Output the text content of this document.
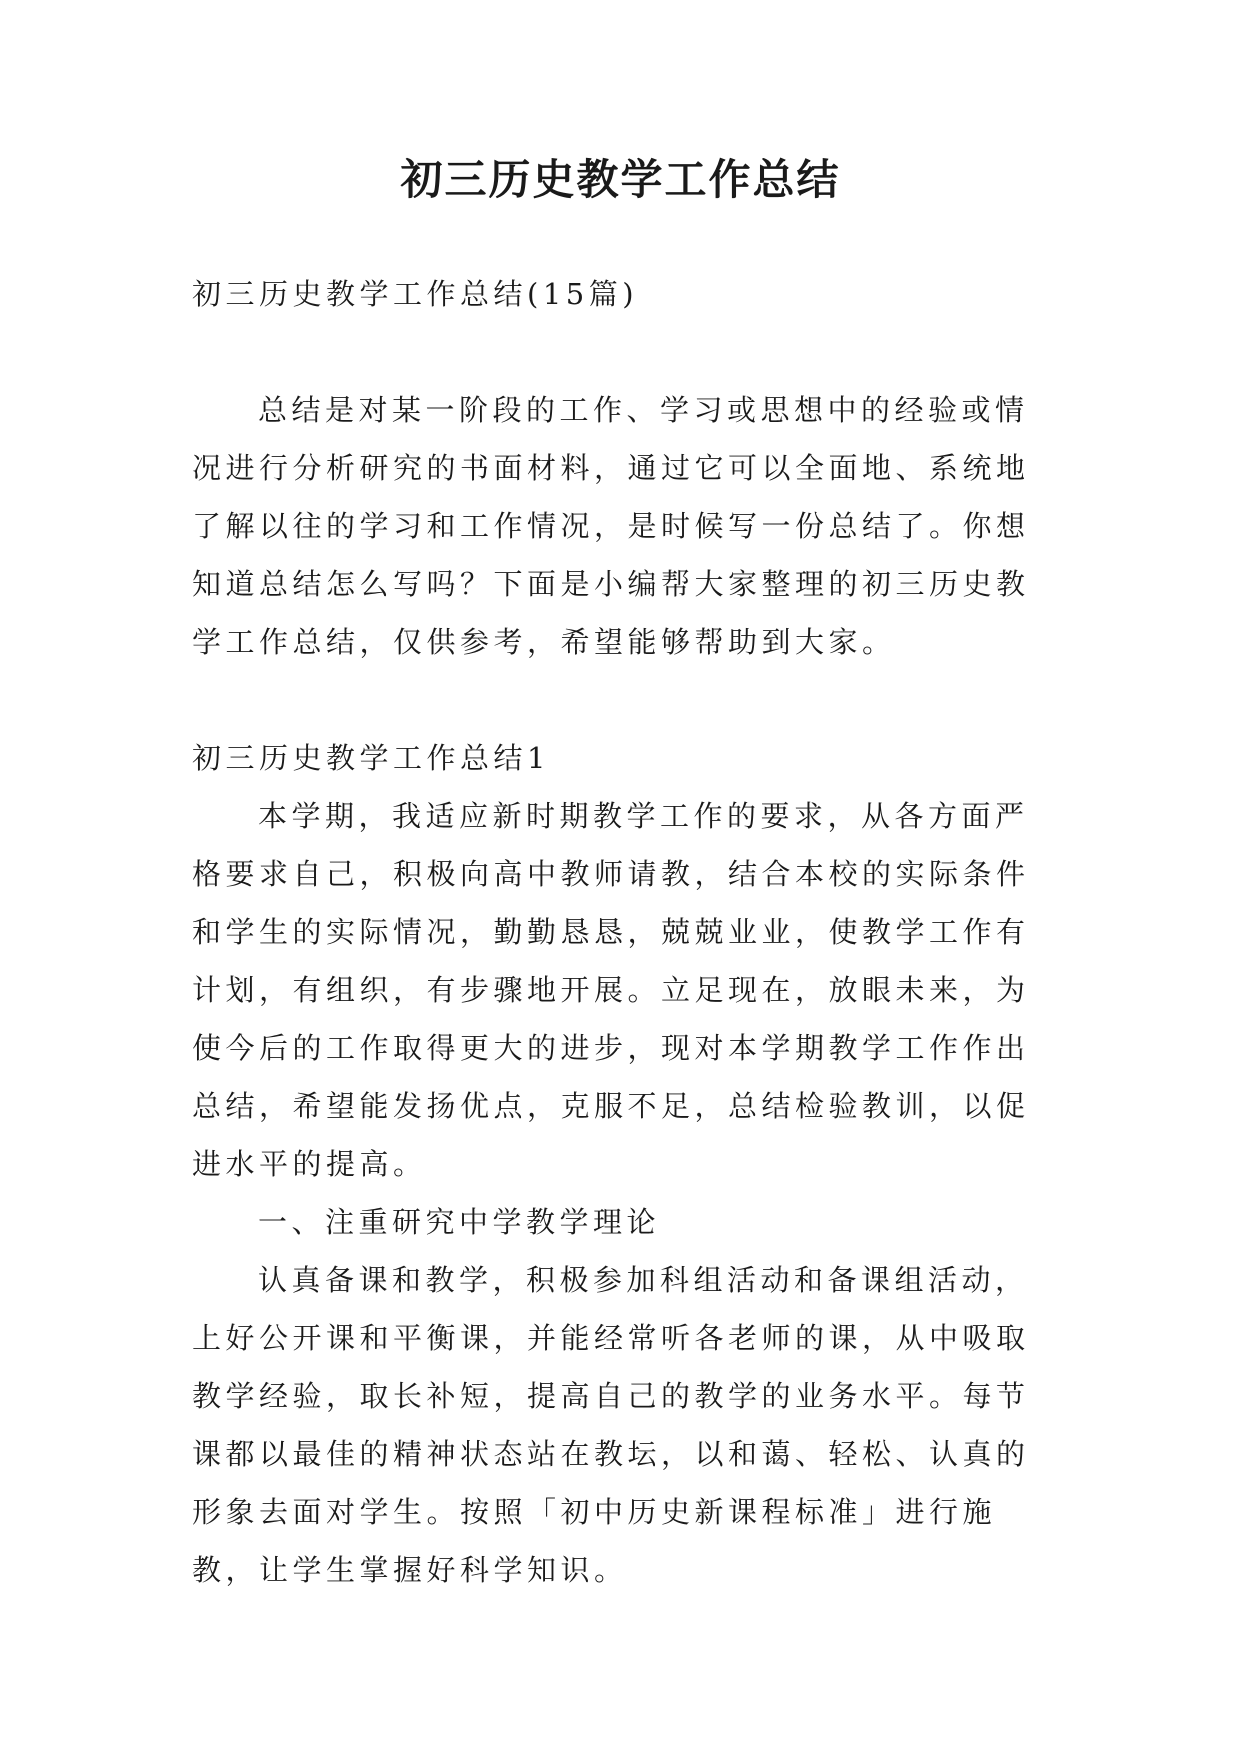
初三历史教学工作总结

初三历史教学工作总结(15篇)

总结是对某一阶段的工作、学习或思想中的经验或情况进行分析研究的书面材料，通过它可以全面地、系统地了解以往的学习和工作情况，是时候写一份总结了。你想知道总结怎么写吗？下面是小编帮大家整理的初三历史教学工作总结，仅供参考，希望能够帮助到大家。

初三历史教学工作总结1

本学期，我适应新时期教学工作的要求，从各方面严格要求自己，积极向高中教师请教，结合本校的实际条件和学生的实际情况，勤勤恳恳，兢兢业业，使教学工作有计划，有组织，有步骤地开展。立足现在，放眼未来，为使今后的工作取得更大的进步，现对本学期教学工作作出总结，希望能发扬优点，克服不足，总结检验教训，以促进水平的提高。

一、注重研究中学教学理论

认真备课和教学，积极参加科组活动和备课组活动，上好公开课和平衡课，并能经常听各老师的课，从中吸取教学经验，取长补短，提高自己的教学的业务水平。每节课都以最佳的精神状态站在教坛，以和蔼、轻松、认真的形象去面对学生。按照「初中历史新课程标准」进行施教，让学生掌握好科学知识。
